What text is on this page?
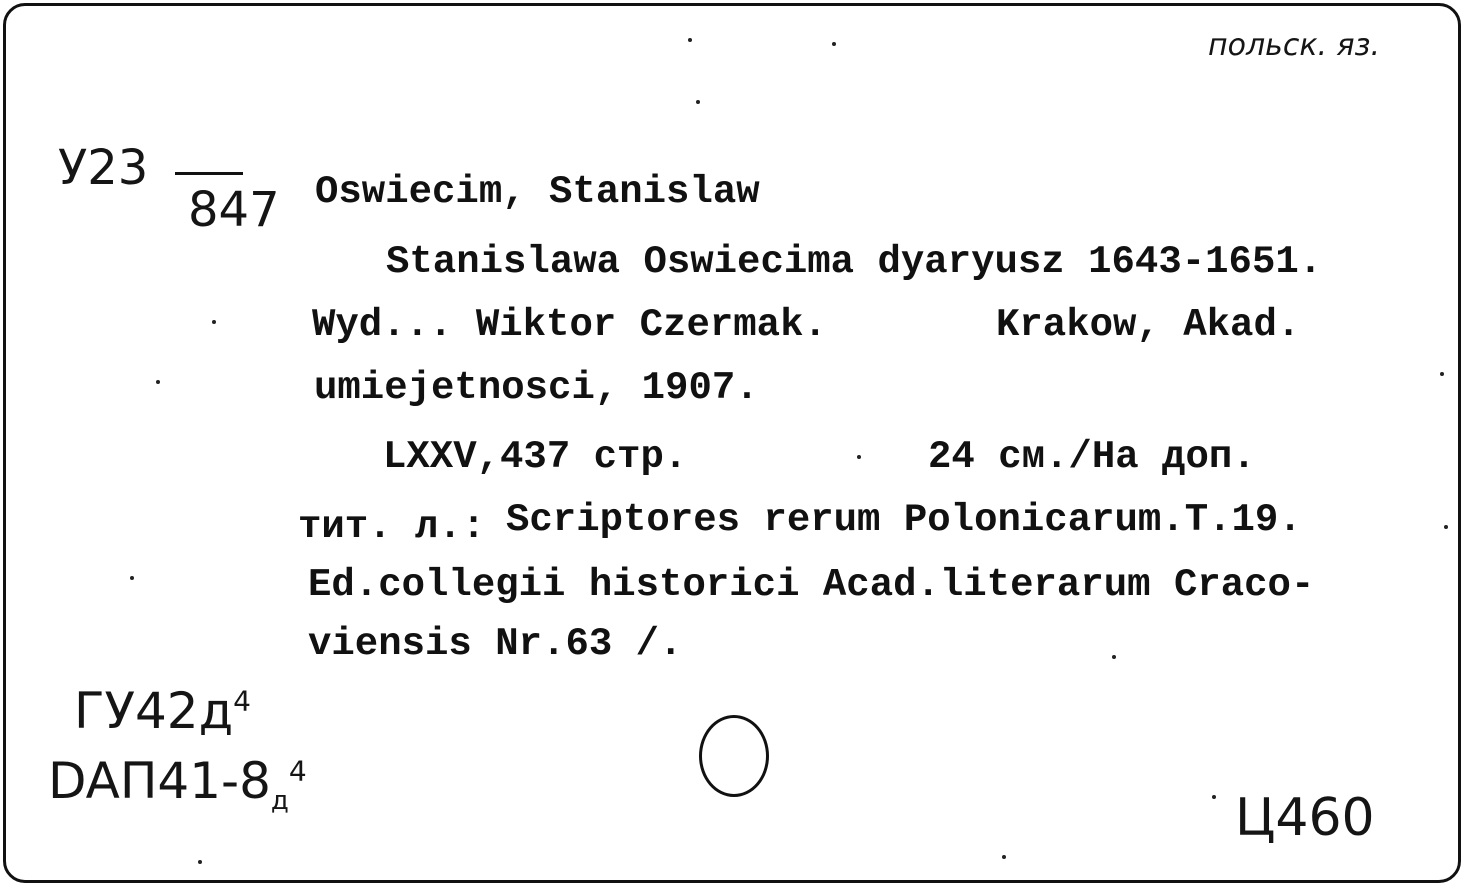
польск. яз.
У23
847 Oswiecim, Stanislaw
Stanislawa Oswiecima dyaryusz 1643-1651.
Wyd... Wiktor Czermak.	Krakow, Akad.
umiejetnosci, 1907.
LXXV,437 стр.	24 см./На доп.
тит. л.: Scriptores rerum Polonicarum.T.19.
Ed.collegii historici Acad.literarum Craco-
viensis Nr.63 /.
$ГУ42д^4$
$DAП41-8_д^4$
Ц460
